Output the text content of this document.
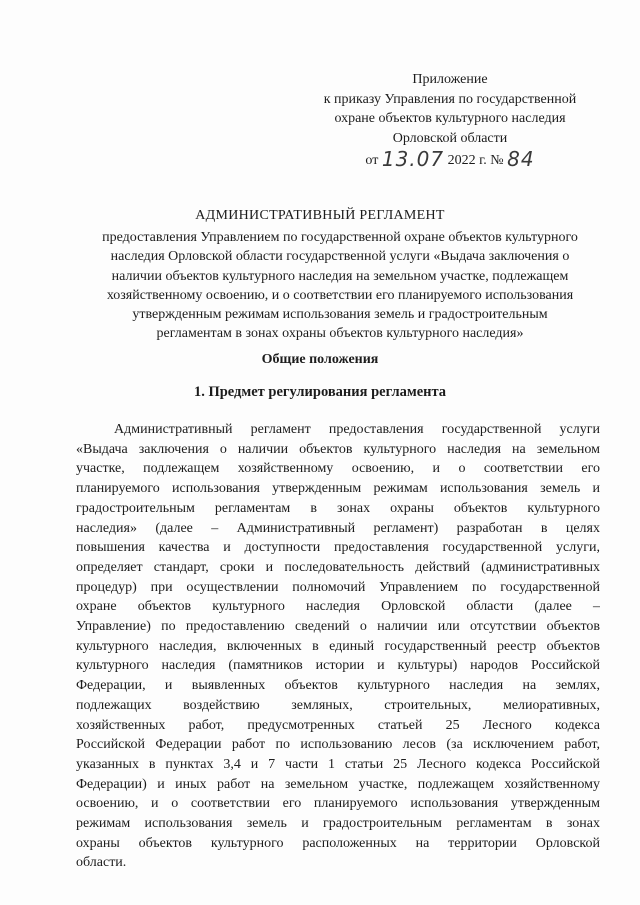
Приложение
к приказу Управления по государственной
охране объектов культурного наследия
Орловской области
от 13.07 2022 г. № 84
АДМИНИСТРАТИВНЫЙ РЕГЛАМЕНТ
предоставления Управлением по государственной охране объектов культурного
наследия Орловской области государственной услуги «Выдача заключения о
наличии объектов культурного наследия на земельном участке, подлежащем
хозяйственному освоению, и о соответствии его планируемого использования
утвержденным режимам использования земель и градостроительным
регламентам в зонах охраны объектов культурного наследия»
Общие положения
1. Предмет регулирования регламента
Административный регламент предоставления государственной услуги
«Выдача заключения о наличии объектов культурного наследия на земельном
участке, подлежащем хозяйственному освоению, и о соответствии его
планируемого использования утвержденным режимам использования земель и
градостроительным регламентам в зонах охраны объектов культурного
наследия» (далее – Административный регламент) разработан в целях
повышения качества и доступности предоставления государственной услуги,
определяет стандарт, сроки и последовательность действий (административных
процедур) при осуществлении полномочий Управлением по государственной
охране объектов культурного наследия Орловской области (далее –
Управление) по предоставлению сведений о наличии или отсутствии объектов
культурного наследия, включенных в единый государственный реестр объектов
культурного наследия (памятников истории и культуры) народов Российской
Федерации, и выявленных объектов культурного наследия на землях,
подлежащих воздействию земляных, строительных, мелиоративных,
хозяйственных работ, предусмотренных статьей 25 Лесного кодекса
Российской Федерации работ по использованию лесов (за исключением работ,
указанных в пунктах 3,4 и 7 части 1 статьи 25 Лесного кодекса Российской
Федерации) и иных работ на земельном участке, подлежащем хозяйственному
освоению, и о соответствии его планируемого использования утвержденным
режимам использования земель и градостроительным регламентам в зонах
охраны объектов культурного расположенных на территории Орловской
области.
